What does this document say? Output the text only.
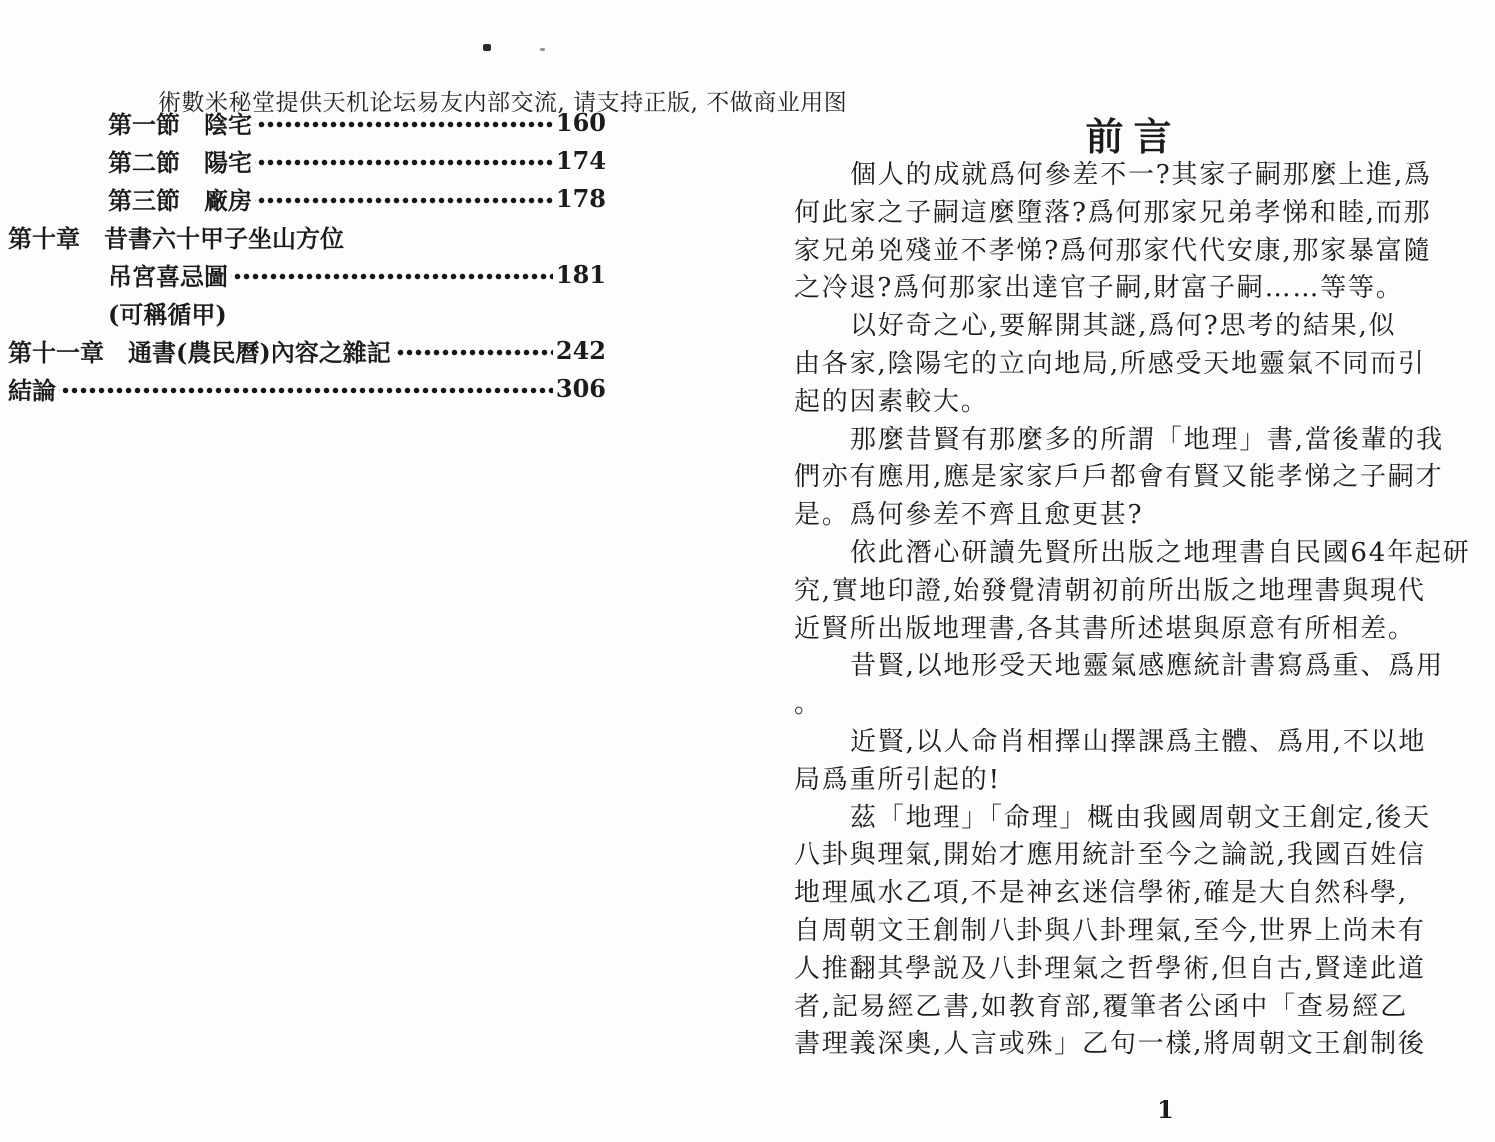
術數米秘堂提供天机论坛易友内部交流, 请支持正版, 不做商业用图
第一節　陰宅	160
第二節　陽宅	174
第三節　廠房	178
第十章　昔書六十甲子坐山方位
吊宮喜忌圖	181
(可稱循甲)
第十一章　通書(農民曆)內容之雜記	242
結論	306
前言
個人的成就爲何參差不一?其家子嗣那麼上進,爲
何此家之子嗣這麼墮落?爲何那家兄弟孝悌和睦,而那
家兄弟兇殘並不孝悌?爲何那家代代安康,那家暴富隨
之冷退?爲何那家出達官子嗣,財富子嗣……等等。
以好奇之心,要解開其謎,爲何?思考的結果,似
由各家,陰陽宅的立向地局,所感受天地靈氣不同而引
起的因素較大。
那麼昔賢有那麼多的所謂「地理」書,當後輩的我
們亦有應用,應是家家戶戶都會有賢又能孝悌之子嗣才
是。爲何參差不齊且愈更甚?
依此潛心研讀先賢所出版之地理書自民國64年起研
究,實地印證,始發覺清朝初前所出版之地理書與現代
近賢所出版地理書,各其書所述堪與原意有所相差。
昔賢,以地形受天地靈氣感應統計書寫爲重、爲用
。
近賢,以人命肖相擇山擇課爲主體、爲用,不以地
局爲重所引起的!
茲「地理」「命理」概由我國周朝文王創定,後天
八卦與理氣,開始才應用統計至今之論説,我國百姓信
地理風水乙項,不是神玄迷信學術,確是大自然科學,
自周朝文王創制八卦與八卦理氣,至今,世界上尚未有
人推翻其學説及八卦理氣之哲學術,但自古,賢達此道
者,記易經乙書,如教育部,覆筆者公函中「查易經乙
書理義深奧,人言或殊」乙句一樣,將周朝文王創制後
1
